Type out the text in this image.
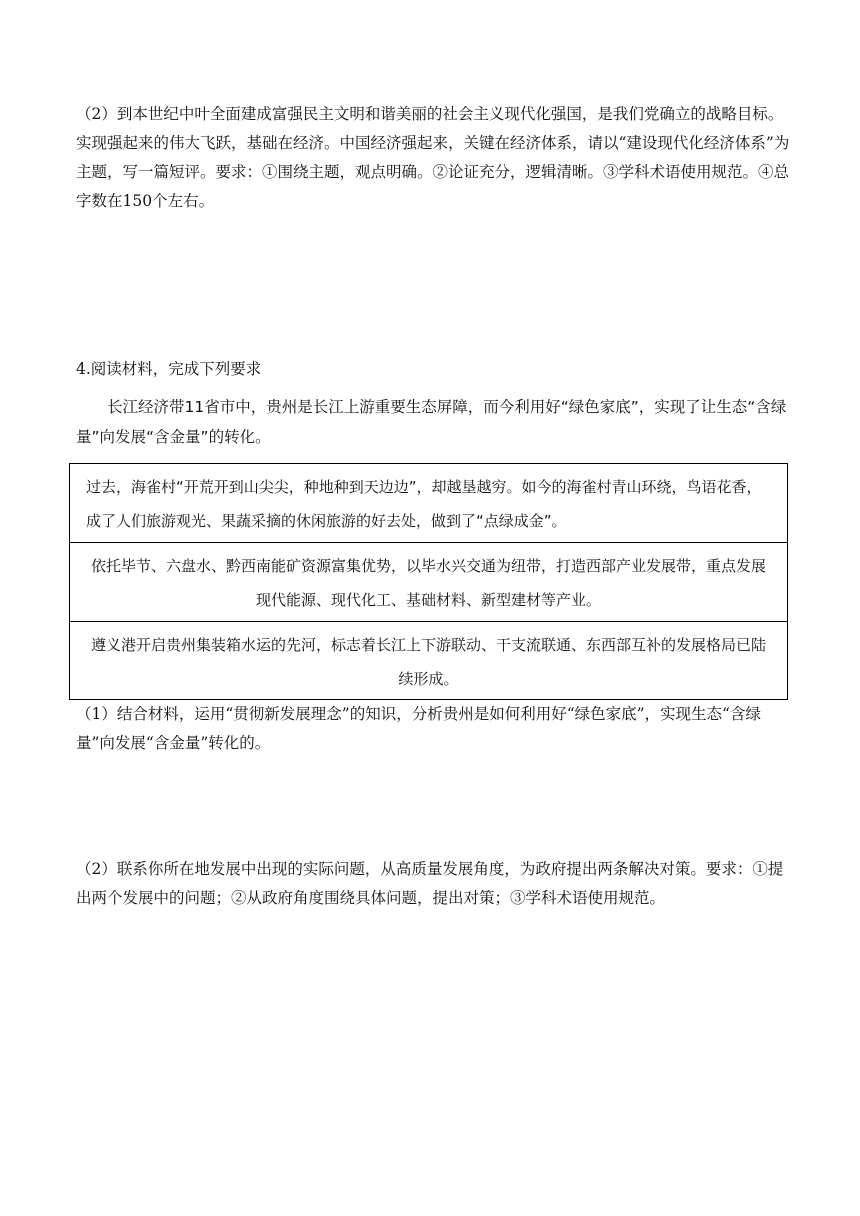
（2）到本世纪中叶全面建成富强民主文明和谐美丽的社会主义现代化强国，是我们党确立的战略目标。实现强起来的伟大飞跃，基础在经济。中国经济强起来，关键在经济体系，请以“建设现代化经济体系”为主题，写一篇短评。要求：①围绕主题，观点明确。②论证充分，逻辑清晰。③学科术语使用规范。④总字数在150个左右。

4.阅读材料，完成下列要求

长江经济带11省市中，贵州是长江上游重要生态屏障，而今利用好“绿色家底”，实现了让生态“含绿量”向发展“含金量”的转化。

过去，海雀村“开荒开到山尖尖，种地种到天边边”，却越垦越穷。如今的海雀村青山环绕，鸟语花香，成了人们旅游观光、果蔬采摘的休闲旅游的好去处，做到了“点绿成金”。
依托毕节、六盘水、黔西南能矿资源富集优势，以毕水兴交通为纽带，打造西部产业发展带，重点发展现代能源、现代化工、基础材料、新型建材等产业。
遵义港开启贵州集装箱水运的先河，标志着长江上下游联动、干支流联通、东西部互补的发展格局已陆续形成。

（1）结合材料，运用“贯彻新发展理念”的知识，分析贵州是如何利用好“绿色家底”，实现生态“含绿量”向发展“含金量”转化的。

（2）联系你所在地发展中出现的实际问题，从高质量发展角度，为政府提出两条解决对策。要求：①提出两个发展中的问题；②从政府角度围绕具体问题，提出对策；③学科术语使用规范。
